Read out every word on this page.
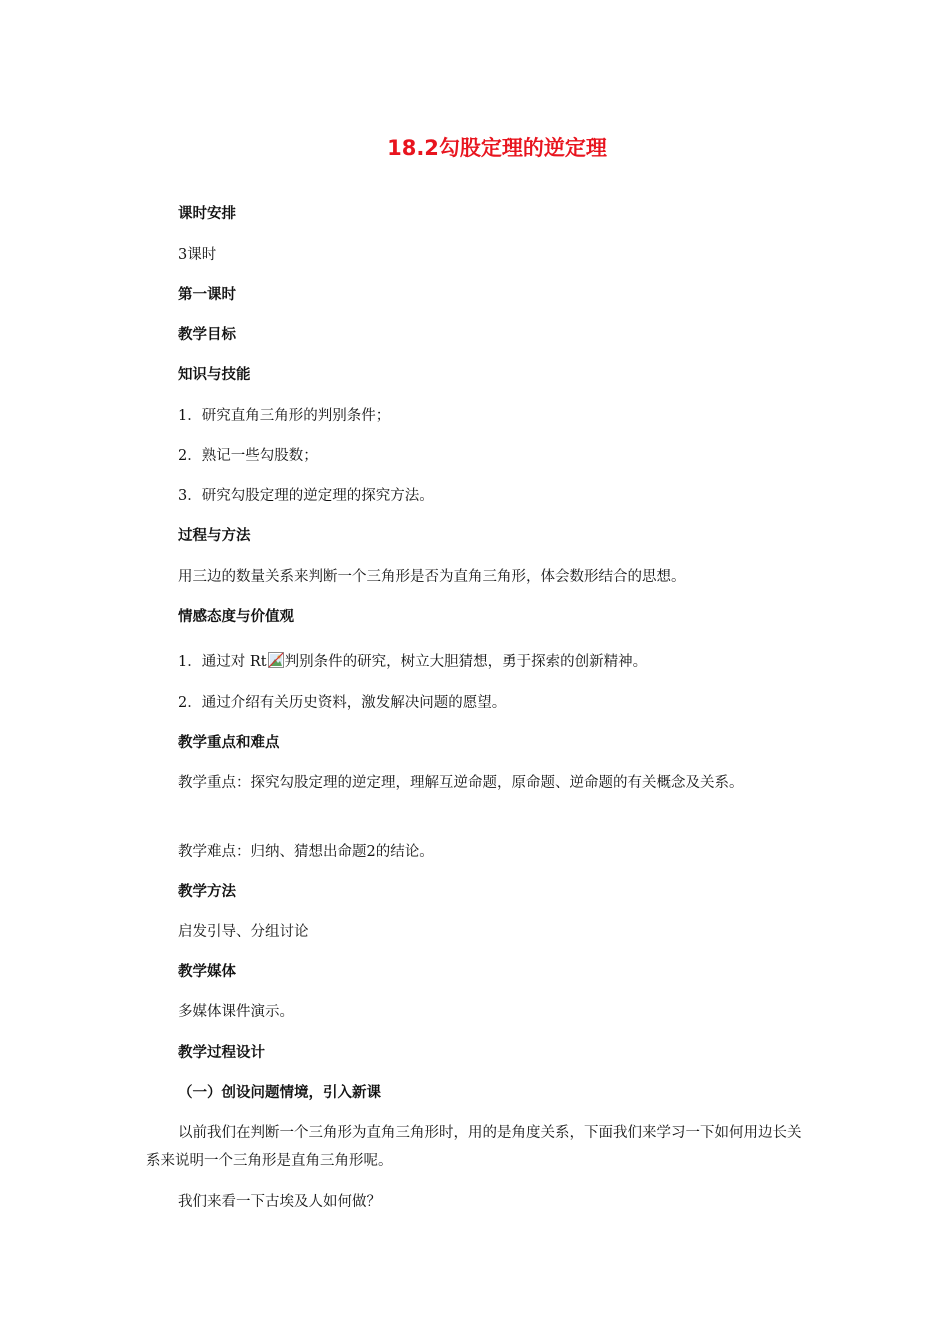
18.2勾股定理的逆定理
课时安排
3课时
第一课时
教学目标
知识与技能
1．研究直角三角形的判别条件；
2．熟记一些勾股数；
3．研究勾股定理的逆定理的探究方法。
过程与方法
用三边的数量关系来判断一个三角形是否为直角三角形，体会数形结合的思想。
情感态度与价值观
1．通过对 Rt 判别条件的研究，树立大胆猜想，勇于探索的创新精神。
2．通过介绍有关历史资料，激发解决问题的愿望。
教学重点和难点
教学重点：探究勾股定理的逆定理，理解互逆命题，原命题、逆命题的有关概念及关系。
教学难点：归纳、猜想出命题2的结论。
教学方法
启发引导、分组讨论
教学媒体
多媒体课件演示。
教学过程设计
（一）创设问题情境，引入新课
以前我们在判断一个三角形为直角三角形时，用的是角度关系，下面我们来学习一下如何用边长关系来说明一个三角形是直角三角形呢。
我们来看一下古埃及人如何做？
